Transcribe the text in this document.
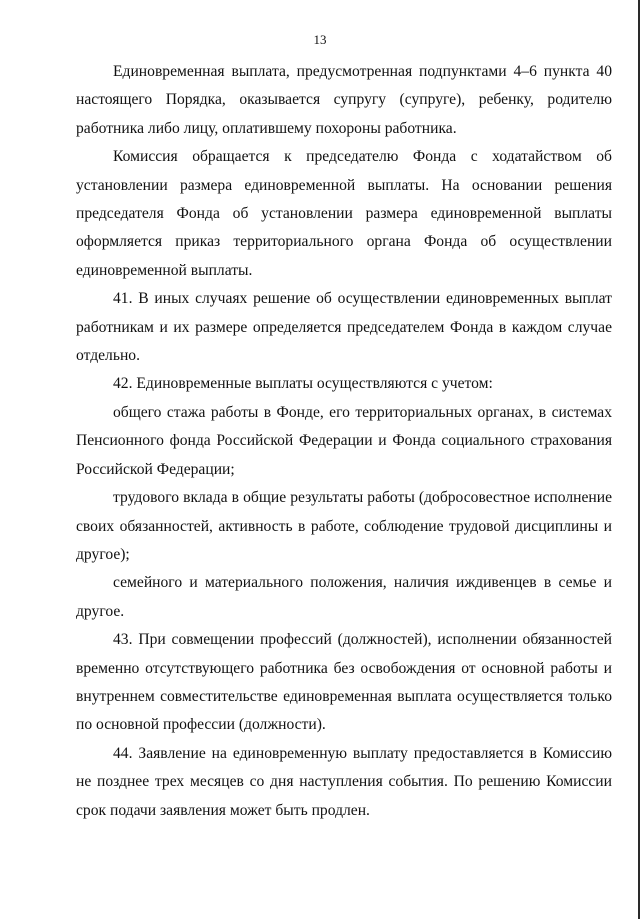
13

Единовременная выплата, предусмотренная подпунктами 4–6 пункта 40 настоящего Порядка, оказывается супругу (супруге), ребенку, родителю работника либо лицу, оплатившему похороны работника.

Комиссия обращается к председателю Фонда с ходатайством об установлении размера единовременной выплаты. На основании решения председателя Фонда об установлении размера единовременной выплаты оформляется приказ территориального органа Фонда об осуществлении единовременной выплаты.

41. В иных случаях решение об осуществлении единовременных выплат работникам и их размере определяется председателем Фонда в каждом случае отдельно.

42. Единовременные выплаты осуществляются с учетом:

общего стажа работы в Фонде, его территориальных органах, в системах Пенсионного фонда Российской Федерации и Фонда социального страхования Российской Федерации;

трудового вклада в общие результаты работы (добросовестное исполнение своих обязанностей, активность в работе, соблюдение трудовой дисциплины и другое);

семейного и материального положения, наличия иждивенцев в семье и другое.

43. При совмещении профессий (должностей), исполнении обязанностей временно отсутствующего работника без освобождения от основной работы и внутреннем совместительстве единовременная выплата осуществляется только по основной профессии (должности).

44. Заявление на единовременную выплату предоставляется в Комиссию не позднее трех месяцев со дня наступления события. По решению Комиссии срок подачи заявления может быть продлен.
